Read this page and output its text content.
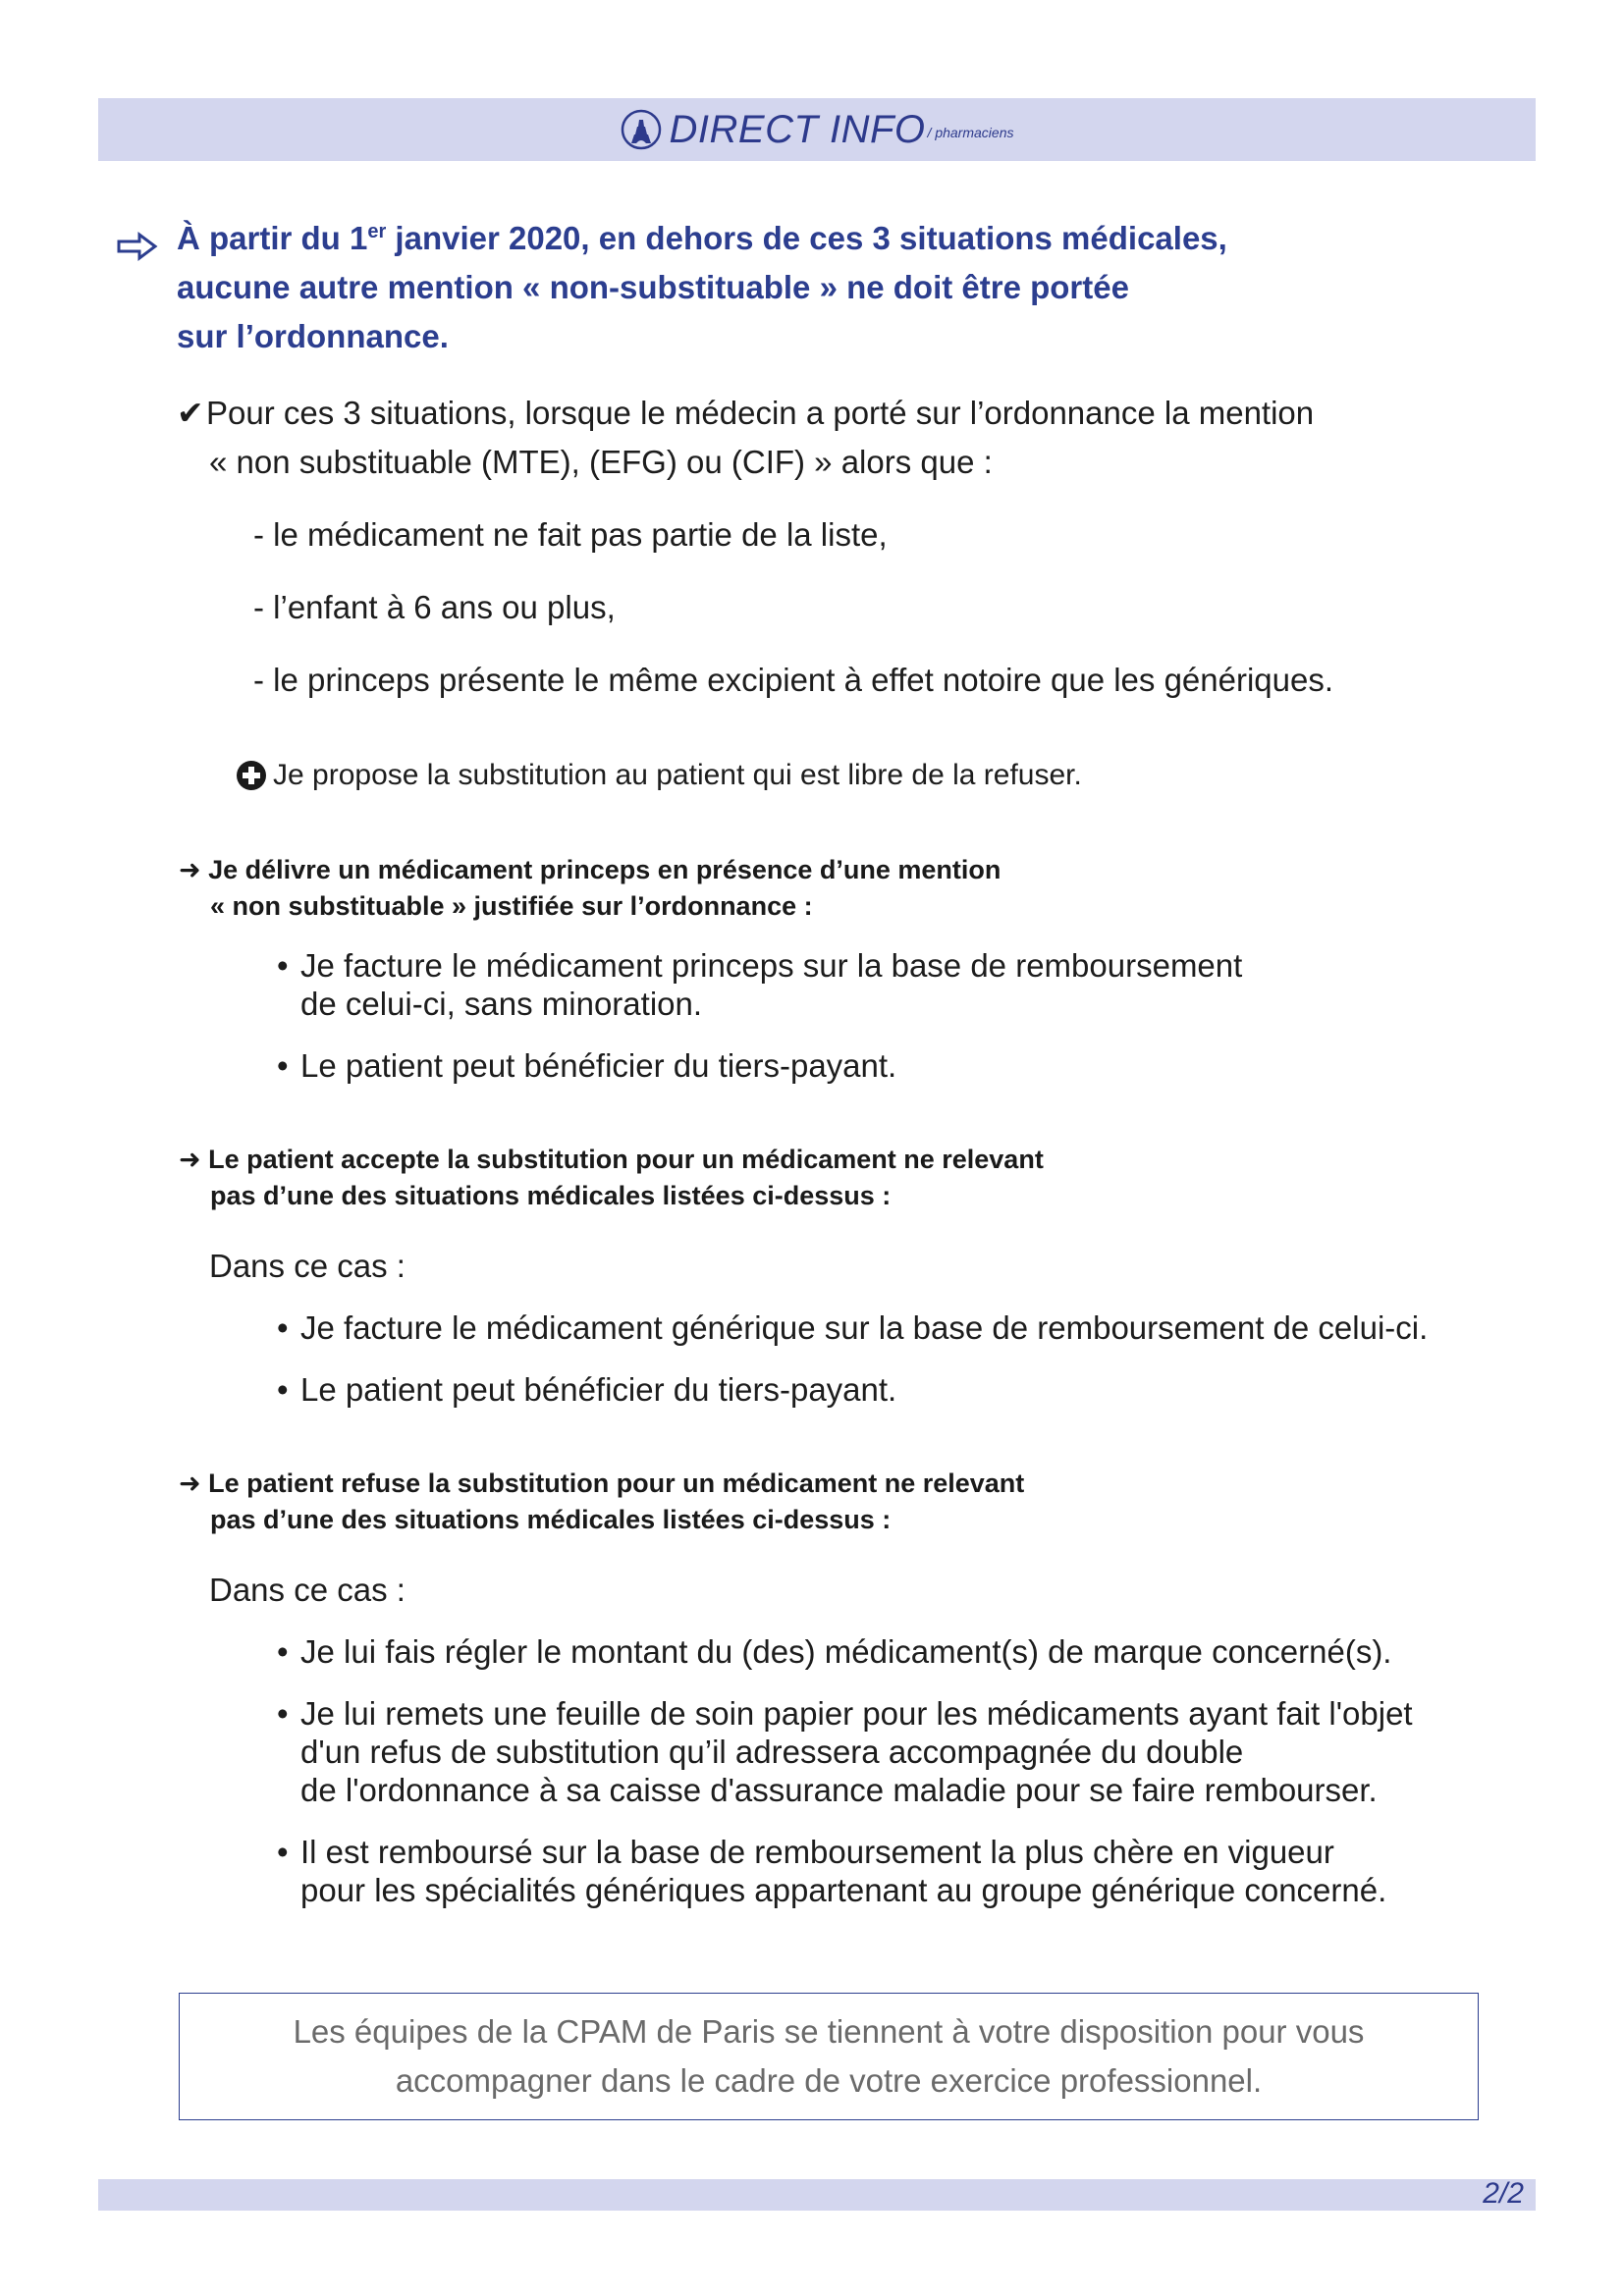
DIRECT INFO / pharmaciens
À partir du 1er janvier 2020, en dehors de ces 3 situations médicales,
aucune autre mention « non-substituable » ne doit être portée
sur l’ordonnance.
✔Pour ces 3 situations, lorsque le médecin a porté sur l’ordonnance la mention
« non substituable (MTE), (EFG) ou (CIF) » alors que :
- le médicament ne fait pas partie de la liste,
- l’enfant à 6 ans ou plus,
- le princeps présente le même excipient à effet notoire que les génériques.
Je propose la substitution au patient qui est libre de la refuser.
➜ Je délivre un médicament princeps en présence d’une mention
« non substituable » justifiée sur l’ordonnance :
• Je facture le médicament princeps sur la base de remboursement
de celui-ci, sans minoration.
• Le patient peut bénéficier du tiers-payant.
➜ Le patient accepte la substitution pour un médicament ne relevant
pas d’une des situations médicales listées ci-dessus :
Dans ce cas :
• Je facture le médicament générique sur la base de remboursement de celui-ci.
• Le patient peut bénéficier du tiers-payant.
➜ Le patient refuse la substitution pour un médicament ne relevant
pas d’une des situations médicales listées ci-dessus :
Dans ce cas :
• Je lui fais régler le montant du (des) médicament(s) de marque concerné(s).
• Je lui remets une feuille de soin papier pour les médicaments ayant fait l'objet
d'un refus de substitution qu’il adressera accompagnée du double
de l'ordonnance à sa caisse d'assurance maladie pour se faire rembourser.
• Il est remboursé sur la base de remboursement la plus chère en vigueur
pour les spécialités génériques appartenant au groupe générique concerné.
Les équipes de la CPAM de Paris se tiennent à votre disposition pour vous
accompagner dans le cadre de votre exercice professionnel.
2/2
